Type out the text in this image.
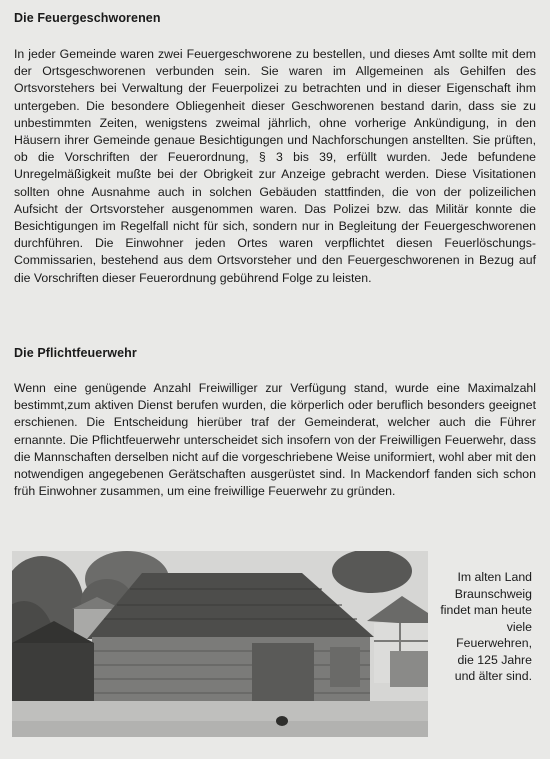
Die Feuergeschworenen

In jeder Gemeinde waren zwei Feuergeschworene zu bestellen, und dieses Amt sollte mit dem der Ortsgeschworenen verbunden sein. Sie waren im Allgemeinen als Gehilfen des Ortsvorstehers bei Verwaltung der Feuerpolizei zu betrachten und in dieser Eigenschaft ihm untergeben. Die besondere Obliegenheit dieser Geschworenen bestand darin, dass sie zu unbestimmten Zeiten, wenigstens zweimal jährlich, ohne vorherige Ankündigung, in den Häusern ihrer Gemeinde genaue Besichtigungen und Nachforschungen anstellten. Sie prüften, ob die Vorschriften der Feuerordnung, § 3 bis 39, erfüllt wurden. Jede befundene Unregelmäßigkeit mußte bei der Obrigkeit zur Anzeige gebracht werden. Diese Visitationen sollten ohne Ausnahme auch in solchen Gebäuden stattfinden, die von der polizeilichen Aufsicht der Ortsvorsteher ausgenommen waren. Das Polizei bzw. das Militär konnte die Besichtigungen im Regelfall nicht für sich, sondern nur in Begleitung der Feuergeschworenen durchführen. Die Einwohner jeden Ortes waren verpflichtet diesen Feuerlöschungs-Commissarien, bestehend aus dem Ortsvorsteher und den Feuergeschworenen in Bezug auf die Vorschriften dieser Feuerordnung gebührend Folge zu leisten.

Die Pflichtfeuerwehr

Wenn eine genügende Anzahl Freiwilliger zur Verfügung stand, wurde eine Maximalzahl bestimmt,zum aktiven Dienst berufen wurden, die körperlich oder beruflich besonders geeignet erschienen. Die Entscheidung hierüber traf der Gemeinderat, welcher auch die Führer ernannte. Die Pflichtfeuerwehr unterscheidet sich insofern von der Freiwilligen Feuerwehr, dass die Mannschaften derselben nicht auf die vorgeschriebene Weise uniformiert, wohl aber mit den notwendigen angegebenen Gerätschaften ausgerüstet sind. In Mackendorf fanden sich schon früh Einwohner zusammen, um eine freiwillige Feuerwehr zu gründen.

Im alten Land Braunschweig findet man heute viele Feuerwehren, die 125 Jahre und älter sind.
